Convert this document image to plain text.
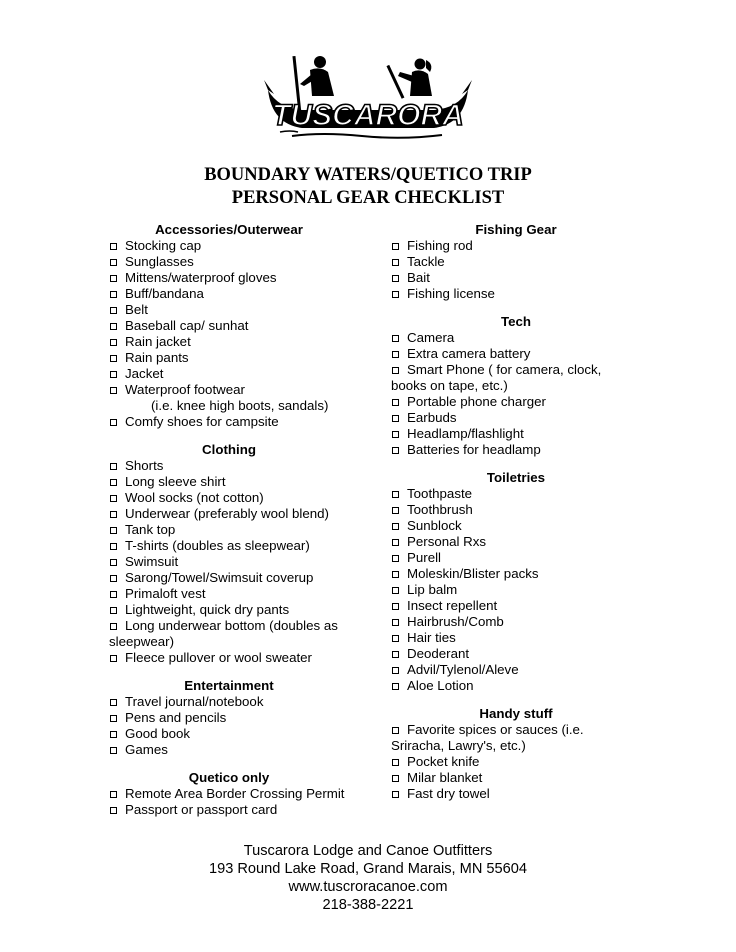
TUSCARORA
BOUNDARY WATERS/QUETICO TRIP
PERSONAL GEAR CHECKLIST
Accessories/Outerwear
Stocking cap
Sunglasses
Mittens/waterproof gloves
Buff/bandana
Belt
Baseball cap/ sunhat
Rain jacket
Rain pants
Jacket
Waterproof footwear
(i.e. knee high boots, sandals)
Comfy shoes for campsite
Clothing
Shorts
Long sleeve shirt
Wool socks (not cotton)
Underwear (preferably wool blend)
Tank top
T-shirts (doubles as sleepwear)
Swimsuit
Sarong/Towel/Swimsuit coverup
Primaloft vest
Lightweight, quick dry pants
Long underwear bottom (doubles as sleepwear)
Fleece pullover or wool sweater
Entertainment
Travel journal/notebook
Pens and pencils
Good book
Games
Quetico only
Remote Area Border Crossing Permit
Passport or passport card
Fishing Gear
Fishing rod
Tackle
Bait
Fishing license
Tech
Camera
Extra camera battery
Smart Phone ( for camera, clock, books on tape, etc.)
Portable phone charger
Earbuds
Headlamp/flashlight
Batteries for headlamp
Toiletries
Toothpaste
Toothbrush
Sunblock
Personal Rxs
Purell
Moleskin/Blister packs
Lip balm
Insect repellent
Hairbrush/Comb
Hair ties
Deoderant
Advil/Tylenol/Aleve
Aloe Lotion
Handy stuff
Favorite spices or sauces (i.e. Sriracha, Lawry's, etc.)
Pocket knife
Milar blanket
Fast dry towel
Tuscarora Lodge and Canoe Outfitters
193 Round Lake Road, Grand Marais, MN 55604
www.tuscroracanoe.com
218-388-2221
